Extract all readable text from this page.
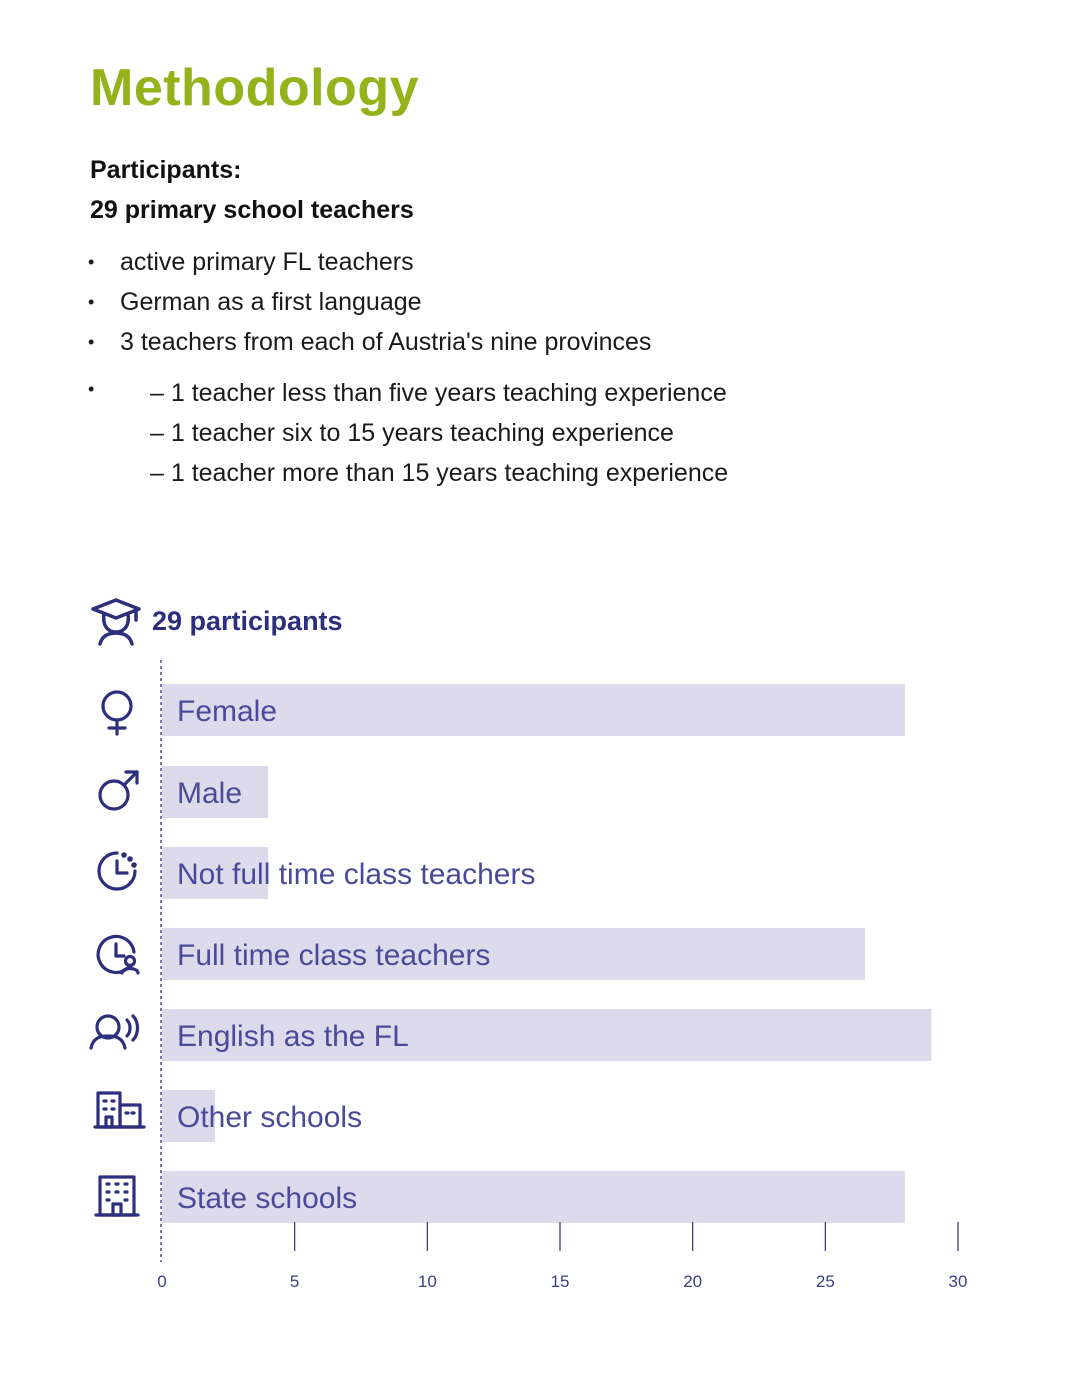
Methodology

Participants:

29 primary school teachers

•	active primary FL teachers
•	German as a first language
•	3 teachers from each of Austria's nine provinces
•	– 1 teacher less than five years teaching experience
– 1 teacher six to 15 years teaching experience
– 1 teacher more than 15 years teaching experience
29 participants
Female
Male
Not full time class teachers
Full time class teachers
English as the FL
Other schools
State schools
0	5	10	15	20	25	30
